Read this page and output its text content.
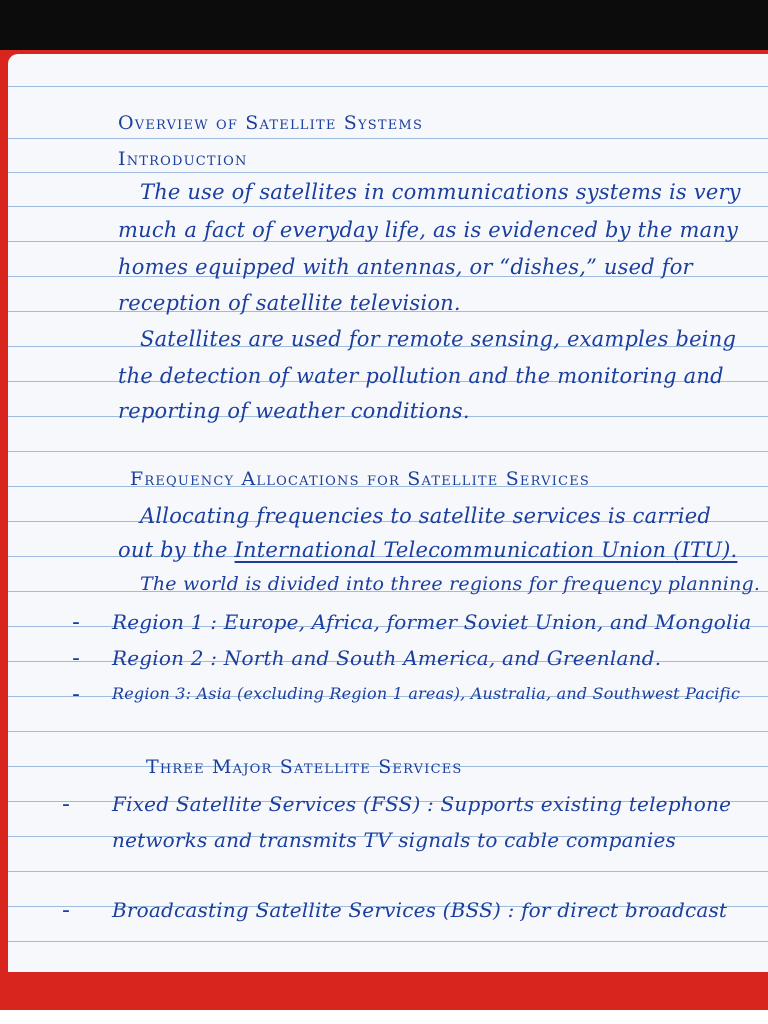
Overview of Satellite Systems
Introduction
The use of satellites in communications systems is very
much a fact of everyday life, as is evidenced by the many
homes equipped with antennas, or “dishes,” used for
reception of satellite television.
Satellites are used for remote sensing, examples being
the detection of water pollution and the monitoring and
reporting of weather conditions.
Frequency Allocations for Satellite Services
Allocating frequencies to satellite services is carried
out by the International Telecommunication Union (ITU).
The world is divided into three regions for frequency planning.
- Region 1 : Europe, Africa, former Soviet Union, and Mongolia
- Region 2 : North and South America, and Greenland.
- Region 3: Asia (excluding Region 1 areas), Australia, and Southwest Pacific
Three Major Satellite Services
- Fixed Satellite Services (FSS) : Supports existing telephone
networks and transmits TV signals to cable companies
- Broadcasting Satellite Services (BSS) : for direct broadcast
